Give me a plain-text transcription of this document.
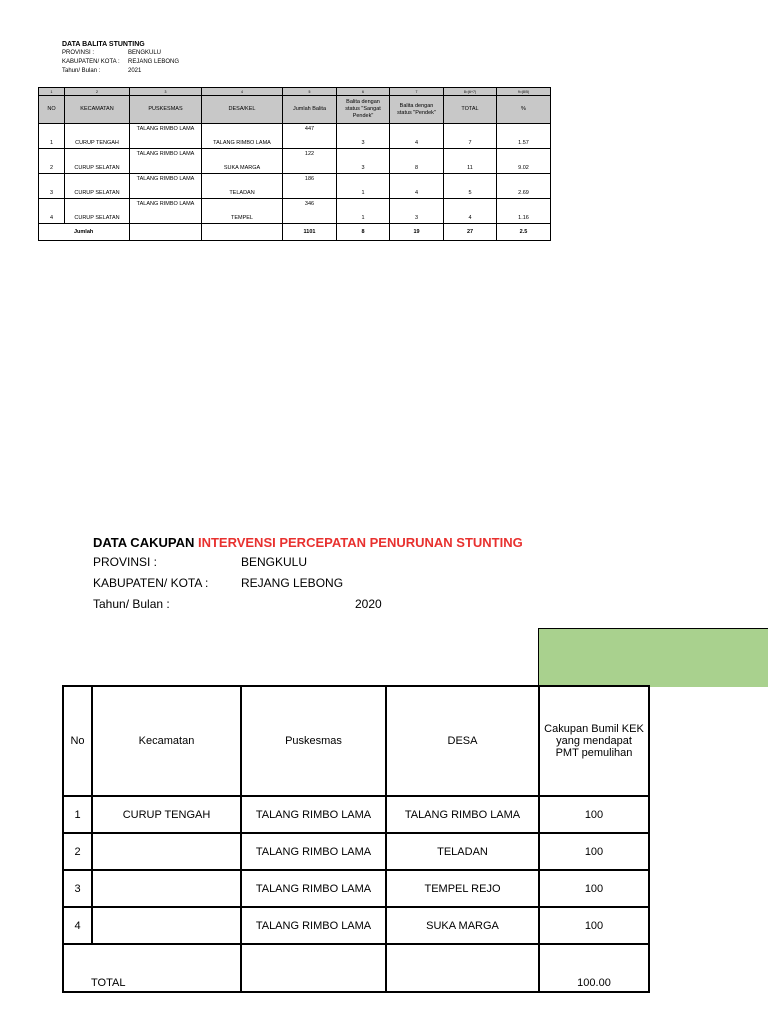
DATA BALITA STUNTING
PROVINSI :	BENGKULU
KABUPATEN/ KOTA :	REJANG LEBONG
Tahun/ Bulan :	2021
1	2	3	4	5	6	7	8=(6+7)	9=(8/5)
NO	KECAMATAN	PUSKESMAS	DESA/KEL	Jumlah Balita	Balita dengan status "Sangat Pendek"	Balita dengan status "Pendek"	TOTAL	%
1	CURUP TENGAH	TALANG RIMBO LAMA	TALANG RIMBO LAMA	447	3	4	7	1.57
2	CURUP SELATAN	TALANG RIMBO LAMA	SUKA MARGA	122	3	8	11	9.02
3	CURUP SELATAN	TALANG RIMBO LAMA	TELADAN	186	1	4	5	2.69
4	CURUP SELATAN	TALANG RIMBO LAMA	TEMPEL	346	1	3	4	1.16
Jumlah				1101	8	19	27	2.5
DATA CAKUPAN INTERVENSI PERCEPATAN PENURUNAN STUNTING
PROVINSI :	BENGKULU
KABUPATEN/ KOTA :	REJANG LEBONG
Tahun/ Bulan :	2020
No	Kecamatan	Puskesmas	DESA	Cakupan Bumil KEK yang mendapat PMT pemulihan
1	CURUP TENGAH	TALANG RIMBO LAMA	TALANG RIMBO LAMA	100
2		TALANG RIMBO LAMA	TELADAN	100
3		TALANG RIMBO LAMA	TEMPEL REJO	100
4		TALANG RIMBO LAMA	SUKA MARGA	100
TOTAL				100.00
